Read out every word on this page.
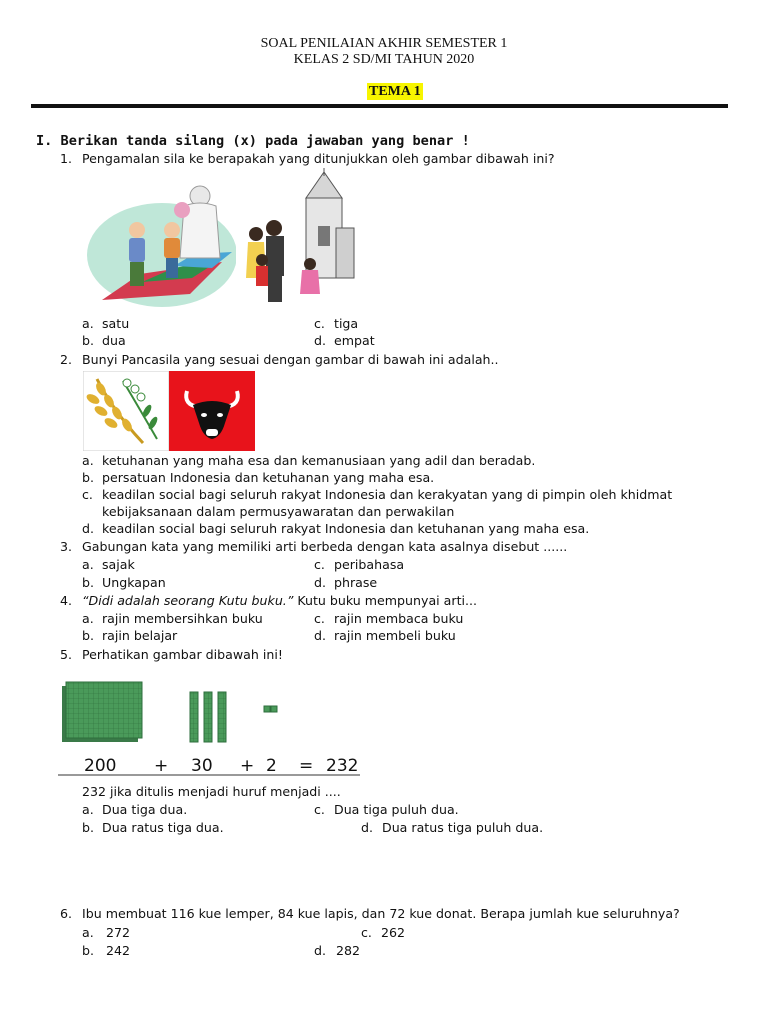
SOAL PENILAIAN AKHIR SEMESTER 1
KELAS 2 SD/MI TAHUN 2020
TEMA 1
I. Berikan tanda silang (x) pada jawaban yang benar !
1. Pengamalan sila ke berapakah yang ditunjukkan oleh gambar dibawah ini?
a. satu	c. tiga
b. dua	d. empat
2. Bunyi Pancasila yang sesuai dengan gambar di bawah ini adalah..
a. ketuhanan yang maha esa dan kemanusiaan yang adil dan beradab.
b. persatuan Indonesia dan ketuhanan yang maha esa.
c. keadilan social bagi seluruh rakyat Indonesia dan kerakyatan yang di pimpin oleh khidmat
kebijaksanaan dalam permusyawaratan dan perwakilan
d. keadilan social bagi seluruh rakyat Indonesia dan ketuhanan yang maha esa.
3. Gabungan kata yang memiliki arti berbeda dengan kata asalnya disebut ......
a. sajak	c. peribahasa
b. Ungkapan	d. phrase
4. “Didi adalah seorang Kutu buku.” Kutu buku mempunyai arti...
a. rajin membersihkan buku	c. rajin membaca buku
b. rajin belajar	d. rajin membeli buku
5. Perhatikan gambar dibawah ini!
200 + 30 + 2 = 232
232 jika ditulis menjadi huruf menjadi ....
a. Dua tiga dua.	c. Dua tiga puluh dua.
b. Dua ratus tiga dua.	d. Dua ratus tiga puluh dua.
6. Ibu membuat 116 kue lemper, 84 kue lapis, dan 72 kue donat. Berapa jumlah kue seluruhnya?
a. 272	c. 262
b. 242	d. 282
